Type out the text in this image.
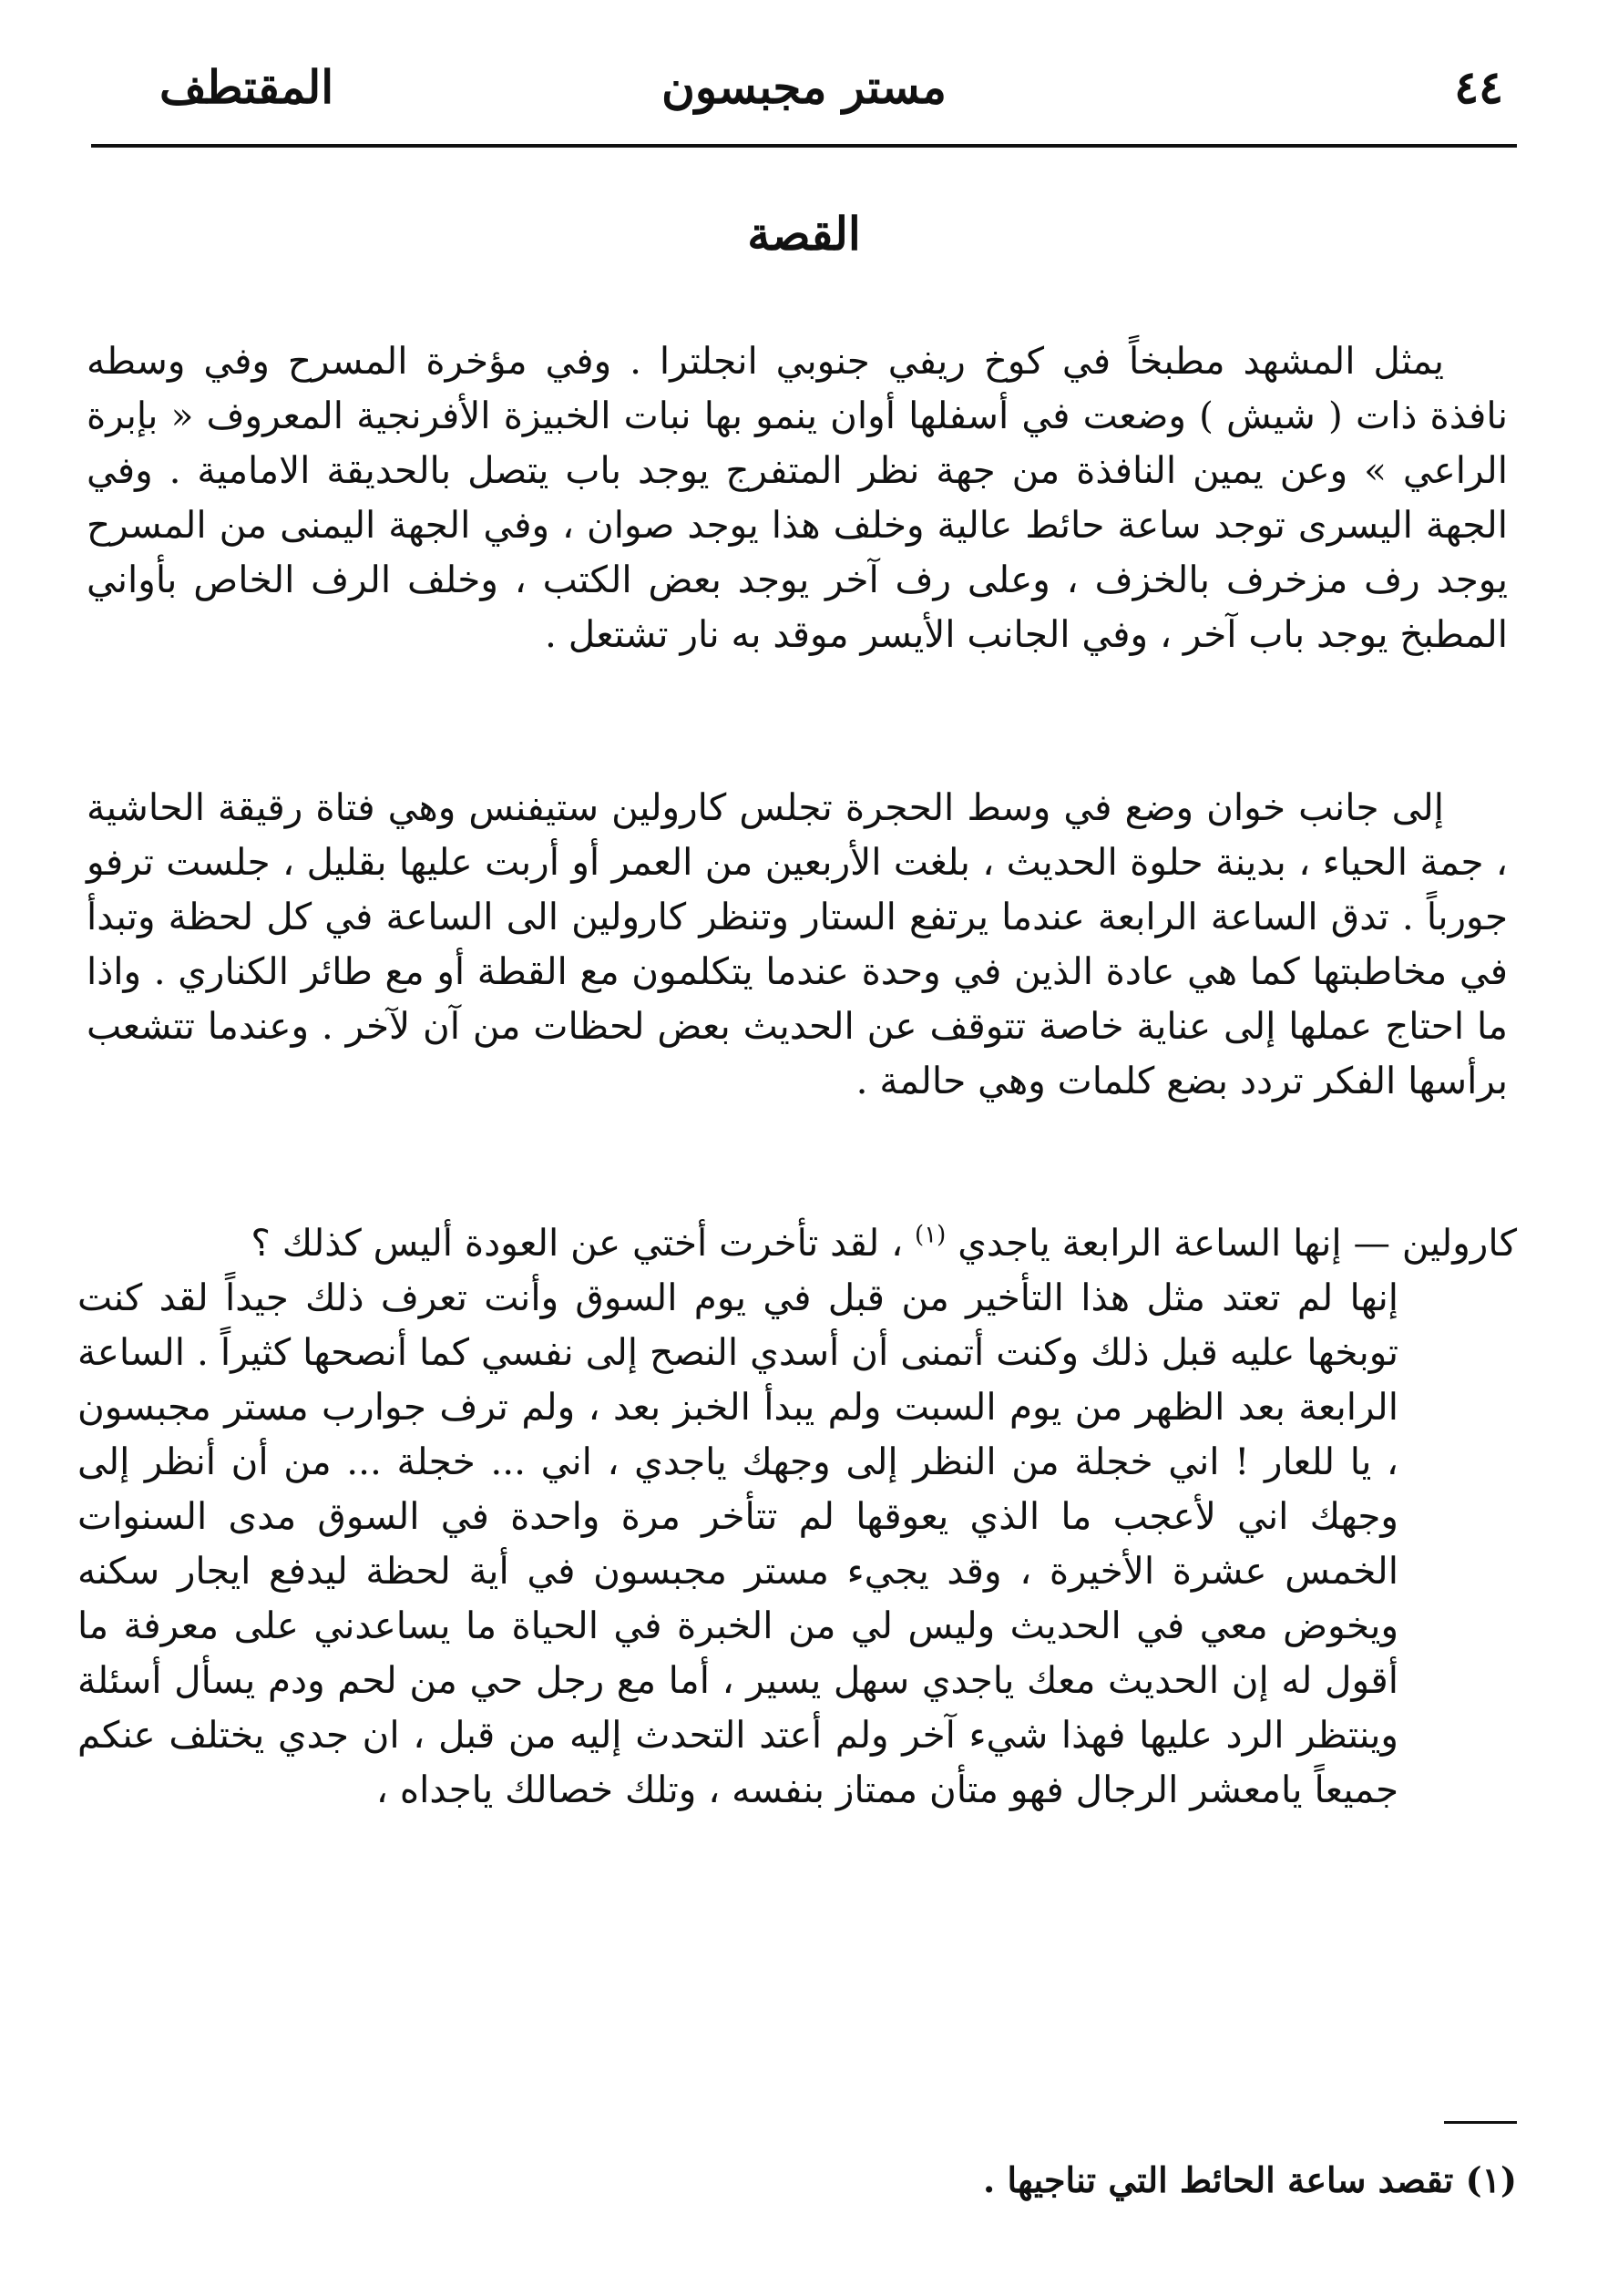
٤٤
مستر مجبسون
المقتطف
القصة
يمثل المشهد مطبخاً في كوخ ريفي جنوبي انجلترا . وفي مؤخرة المسرح وفي وسطه نافذة ذات ( شيش ) وضعت في أسفلها أوان ينمو بها نبات الخبيزة الأفرنجية المعروف « بإبرة الراعي » وعن يمين النافذة من جهة نظر المتفرج يوجد باب يتصل بالحديقة الامامية . وفي الجهة اليسرى توجد ساعة حائط عالية وخلف هذا يوجد صوان ، وفي الجهة اليمنى من المسرح يوجد رف مزخرف بالخزف ، وعلى رف آخر يوجد بعض الكتب ، وخلف الرف الخاص بأواني المطبخ يوجد باب آخر ، وفي الجانب الأيسر موقد به نار تشتعل .
إلى جانب خوان وضع في وسط الحجرة تجلس كارولين ستيفنس وهي فتاة رقيقة الحاشية ، جمة الحياء ، بدينة حلوة الحديث ، بلغت الأربعين من العمر أو أربت عليها بقليل ، جلست ترفو جورباً . تدق الساعة الرابعة عندما يرتفع الستار وتنظر كارولين الى الساعة في كل لحظة وتبدأ في مخاطبتها كما هي عادة الذين في وحدة عندما يتكلمون مع القطة أو مع طائر الكناري . واذا ما احتاج عملها إلى عناية خاصة تتوقف عن الحديث بعض لحظات من آن لآخر . وعندما تتشعب برأسها الفكر تردد بضع كلمات وهي حالمة .
كارولين — إنها الساعة الرابعة ياجدي $^{(١)}$ ، لقد تأخرت أختي عن العودة أليس كذلك ؟
إنها لم تعتد مثل هذا التأخير من قبل في يوم السوق وأنت تعرف ذلك جيداً لقد كنت توبخها عليه قبل ذلك وكنت أتمنى أن أسدي النصح إلى نفسي كما أنصحها كثيراً . الساعة الرابعة بعد الظهر من يوم السبت ولم يبدأ الخبز بعد ، ولم ترف جوارب مستر مجبسون ، يا للعار ! اني خجلة من النظر إلى وجهك ياجدي ، اني ... خجلة ... من أن أنظر إلى وجهك اني لأعجب ما الذي يعوقها لم تتأخر مرة واحدة في السوق مدى السنوات الخمس عشرة الأخيرة ، وقد يجيء مستر مجبسون في أية لحظة ليدفع ايجار سكنه ويخوض معي في الحديث وليس لي من الخبرة في الحياة ما يساعدني على معرفة ما أقول له إن الحديث معك ياجدي سهل يسير ، أما مع رجل حي من لحم ودم يسأل أسئلة وينتظر الرد عليها فهذا شيء آخر ولم أعتد التحدث إليه من قبل ، ان جدي يختلف عنكم جميعاً يامعشر الرجال فهو متأن ممتاز بنفسه ، وتلك خصالك ياجداه ،
(١) تقصد ساعة الحائط التي تناجيها .
